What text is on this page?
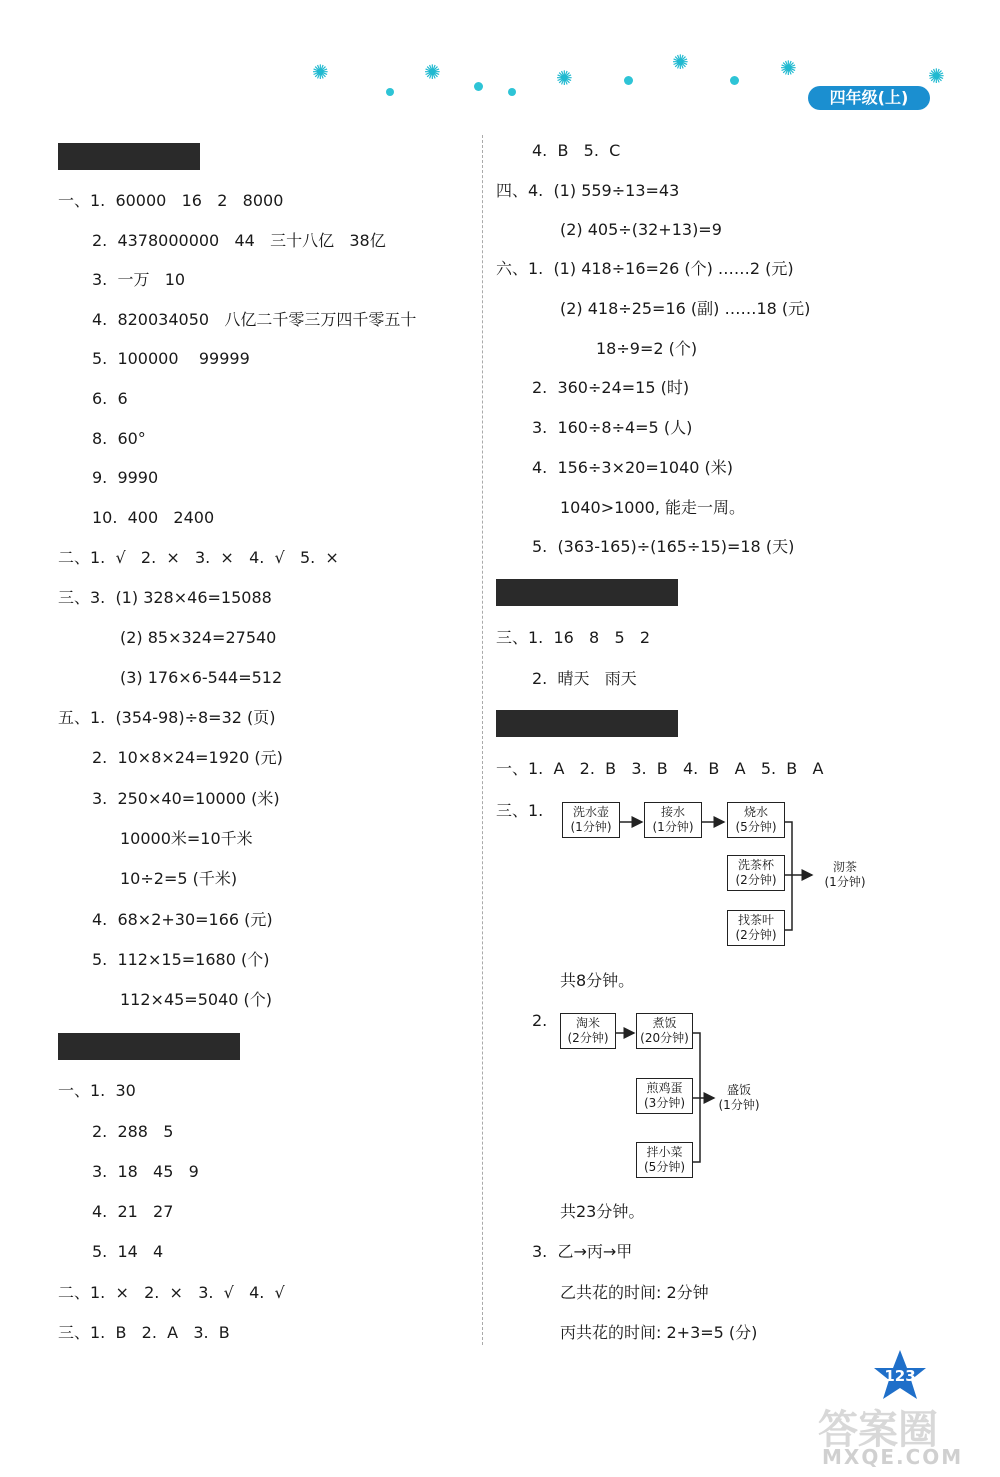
✺	✺	✺
✺	✺	✺
四年级(上)
一、1.  60000   16   2   8000
2.  4378000000   44   三十八亿   38亿
3.  一万   10
4.  820034050   八亿二千零三万四千零五十
5.  100000    99999
6.  6
8.  60°
9.  9990
10.  400   2400
二、1.  √   2.  ×   3.  ×   4.  √   5.  ×
三、3.  (1) 328×46=15088
(2) 85×324=27540
(3) 176×6-544=512
五、1.  (354-98)÷8=32 (页)
2.  10×8×24=1920 (元)
3.  250×40=10000 (米)
10000米=10千米
10÷2=5 (千米)
4.  68×2+30=166 (元)
5.  112×15=1680 (个)
112×45=5040 (个)
一、1.  30
2.  288   5
3.  18   45   9
4.  21   27
5.  14   4
二、1.  ×   2.  ×   3.  √   4.  √
三、1.  B   2.  A   3.  B
4.  B   5.  C
四、4.  (1) 559÷13=43
(2) 405÷(32+13)=9
六、1.  (1) 418÷16=26 (个) ……2 (元)
(2) 418÷25=16 (副) ……18 (元)
18÷9=2 (个)
2.  360÷24=15 (时)
3.  160÷8÷4=5 (人)
4.  156÷3×20=1040 (米)
1040>1000, 能走一周。
5.  (363-165)÷(165÷15)=18 (天)
三、1.  16   8   5   2
2.  晴天   雨天
一、1.  A   2.  B   3.  B   4.  B   A   5.  B   A
三、1.
共8分钟。
2.
共23分钟。
3.  乙→丙→甲
乙共花的时间: 2分钟
丙共花的时间: 2+3=5 (分)
洗水壶
(1分钟)
接水
(1分钟)
烧水
(5分钟)
洗茶杯
(2分钟)
找茶叶
(2分钟)
沏茶
(1分钟)
淘米
(2分钟)
煮饭
(20分钟)
煎鸡蛋
(3分钟)
拌小菜
(5分钟)
盛饭
(1分钟)
123
答案圈
MXQE.COM
